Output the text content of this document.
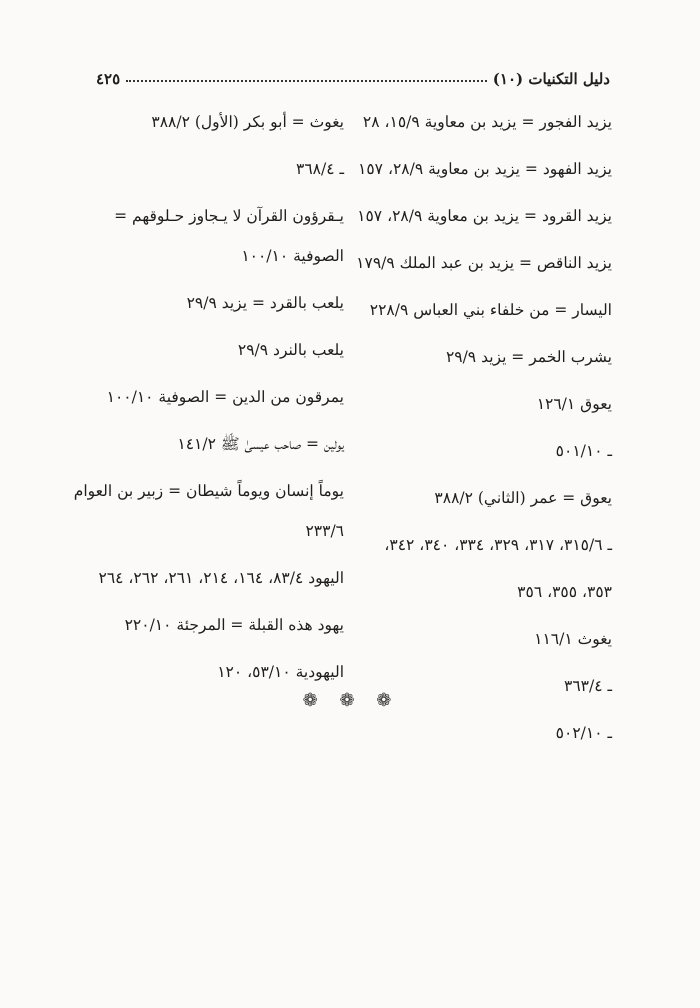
دليل التكنيات (١٠)
٤٢٥
يزيد الفجور = يزيد بن معاوية ١٥/٩، ٢٨
يزيد الفهود = يزيد بن معاوية ٢٨/٩، ١٥٧
يزيد القرود = يزيد بن معاوية ٢٨/٩، ١٥٧
يزيد الناقص = يزيد بن عبد الملك ١٧٩/٩
اليسار = من خلفاء بني العباس ٢٢٨/٩
يشرب الخمر = يزيد ٢٩/٩
يعوق ١٢٦/١
ـ ٥٠١/١٠
يعوق = عمر (الثاني) ٣٨٨/٢
ـ ٣١٥/٦، ٣١٧، ٣٢٩، ٣٣٤، ٣٤٠، ٣٤٢،
٣٥٣، ٣٥٥، ٣٥٦
يغوث ١١٦/١
ـ ٣٦٣/٤
ـ ٥٠٢/١٠
يغوث = أبو بكر (الأول) ٣٨٨/٢
ـ ٣٦٨/٤
يـقرؤون القرآن لا يـجاوز حـلوقهم =
الصوفية ١٠٠/١٠
يلعب بالقرد = يزيد ٢٩/٩
يلعب بالنرد ٢٩/٩
يمرقون من الدين = الصوفية ١٠٠/١٠
يولين = صاحب عيسىٰ ﷺ ١٤١/٢
يوماً إنسان ويوماً شيطان = زبير بن العوام
٢٣٣/٦
اليهود ٨٣/٤، ١٦٤، ٢١٤، ٢٦١، ٢٦٢، ٢٦٤
يهود هذه القبلة = المرجئة ٢٢٠/١٠
اليهودية ٥٣/١٠، ١٢٠
❁ ❁ ❁
